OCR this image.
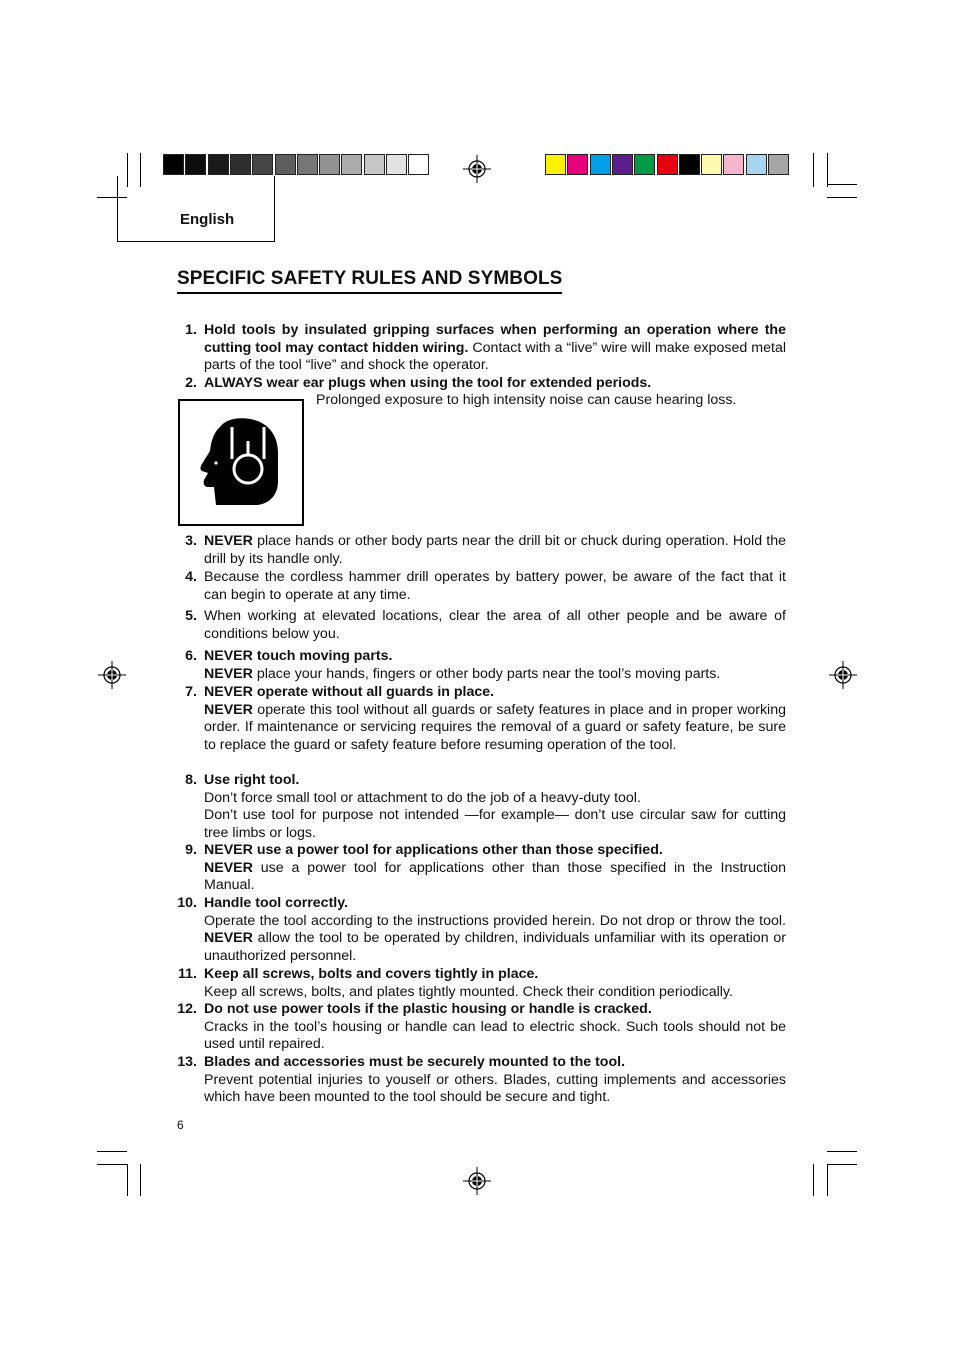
English
SPECIFIC SAFETY RULES AND SYMBOLS
1. Hold tools by insulated gripping surfaces when performing an operation where the cutting tool may contact hidden wiring. Contact with a “live” wire will make exposed metal parts of the tool “live” and shock the operator.
2. ALWAYS wear ear plugs when using the tool for extended periods.
Prolonged exposure to high intensity noise can cause hearing loss.
3. NEVER place hands or other body parts near the drill bit or chuck during operation. Hold the drill by its handle only.
4. Because the cordless hammer drill operates by battery power, be aware of the fact that it can begin to operate at any time.
5. When working at elevated locations, clear the area of all other people and be aware of conditions below you.
6. NEVER touch moving parts.
NEVER place your hands, fingers or other body parts near the tool’s moving parts.
7. NEVER operate without all guards in place.
NEVER operate this tool without all guards or safety features in place and in proper working order. If maintenance or servicing requires the removal of a guard or safety feature, be sure to replace the guard or safety feature before resuming operation of the tool.
8. Use right tool.
Don’t force small tool or attachment to do the job of a heavy-duty tool.
Don’t use tool for purpose not intended —for example— don’t use circular saw for cutting tree limbs or logs.
9. NEVER use a power tool for applications other than those specified.
NEVER use a power tool for applications other than those specified in the Instruction Manual.
10. Handle tool correctly.
Operate the tool according to the instructions provided herein. Do not drop or throw the tool. NEVER allow the tool to be operated by children, individuals unfamiliar with its operation or unauthorized personnel.
11. Keep all screws, bolts and covers tightly in place.
Keep all screws, bolts, and plates tightly mounted. Check their condition periodically.
12. Do not use power tools if the plastic housing or handle is cracked.
Cracks in the tool’s housing or handle can lead to electric shock. Such tools should not be used until repaired.
13. Blades and accessories must be securely mounted to the tool.
Prevent potential injuries to youself or others. Blades, cutting implements and accessories which have been mounted to the tool should be secure and tight.
6
